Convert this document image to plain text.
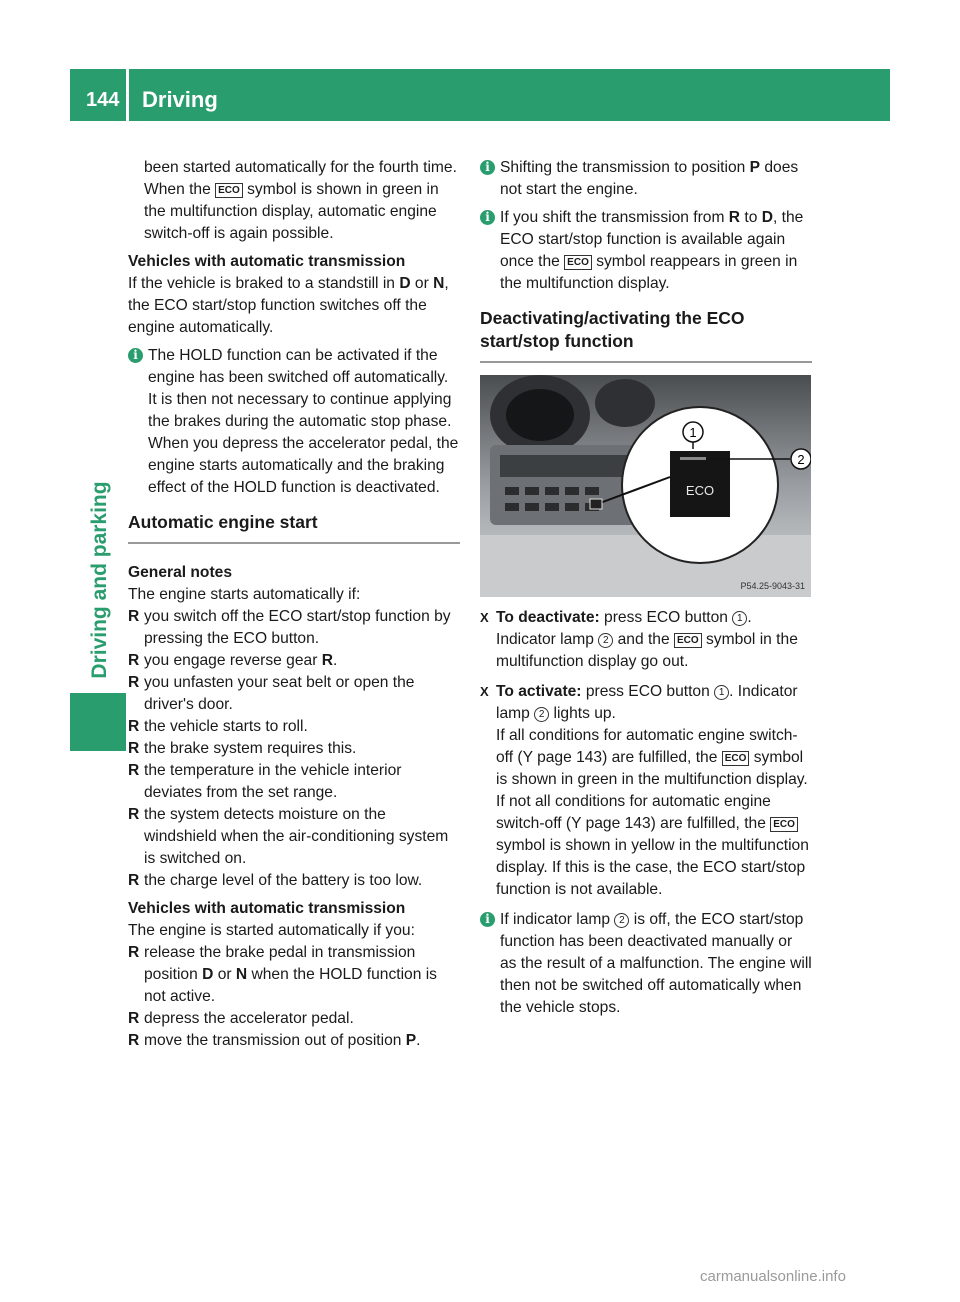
144 Driving
Driving and parking

been started automatically for the fourth time. When the ECO symbol is shown in green in the multifunction display, automatic engine switch-off is again possible.

Vehicles with automatic transmission

If the vehicle is braked to a standstill in D or N, the ECO start/stop function switches off the engine automatically.

i The HOLD function can be activated if the engine has been switched off automatically. It is then not necessary to continue applying the brakes during the automatic stop phase. When you depress the accelerator pedal, the engine starts automatically and the braking effect of the HOLD function is deactivated.

Automatic engine start

General notes

The engine starts automatically if:

R you switch off the ECO start/stop function by pressing the ECO button.

R you engage reverse gear R.

R you unfasten your seat belt or open the driver's door.

R the vehicle starts to roll.

R the brake system requires this.

R the temperature in the vehicle interior deviates from the set range.

R the system detects moisture on the windshield when the air-conditioning system is switched on.

R the charge level of the battery is too low.

Vehicles with automatic transmission

The engine is started automatically if you:

R release the brake pedal in transmission position D or N when the HOLD function is not active.

R depress the accelerator pedal.

R move the transmission out of position P.

i Shifting the transmission to position P does not start the engine.

i If you shift the transmission from R to D, the ECO start/stop function is available again once the ECO symbol reappears in green in the multifunction display.

Deactivating/activating the ECO start/stop function

ECO
1
2
P54.25-9043-31

X To deactivate: press ECO button 1 . Indicator lamp 2 and the ECO symbol in the multifunction display go out.

X To activate: press ECO button 1 . Indicator lamp 2 lights up.

If all conditions for automatic engine switch-off (Y page 143) are fulfilled, the ECO symbol is shown in green in the multifunction display.

If not all conditions for automatic engine switch-off (Y page 143) are fulfilled, the ECO symbol is shown in yellow in the multifunction display. If this is the case, the ECO start/stop function is not available.

i If indicator lamp 2 is off, the ECO start/stop function has been deactivated manually or as the result of a malfunction. The engine will then not be switched off automatically when the vehicle stops.

carmanualsonline.info
